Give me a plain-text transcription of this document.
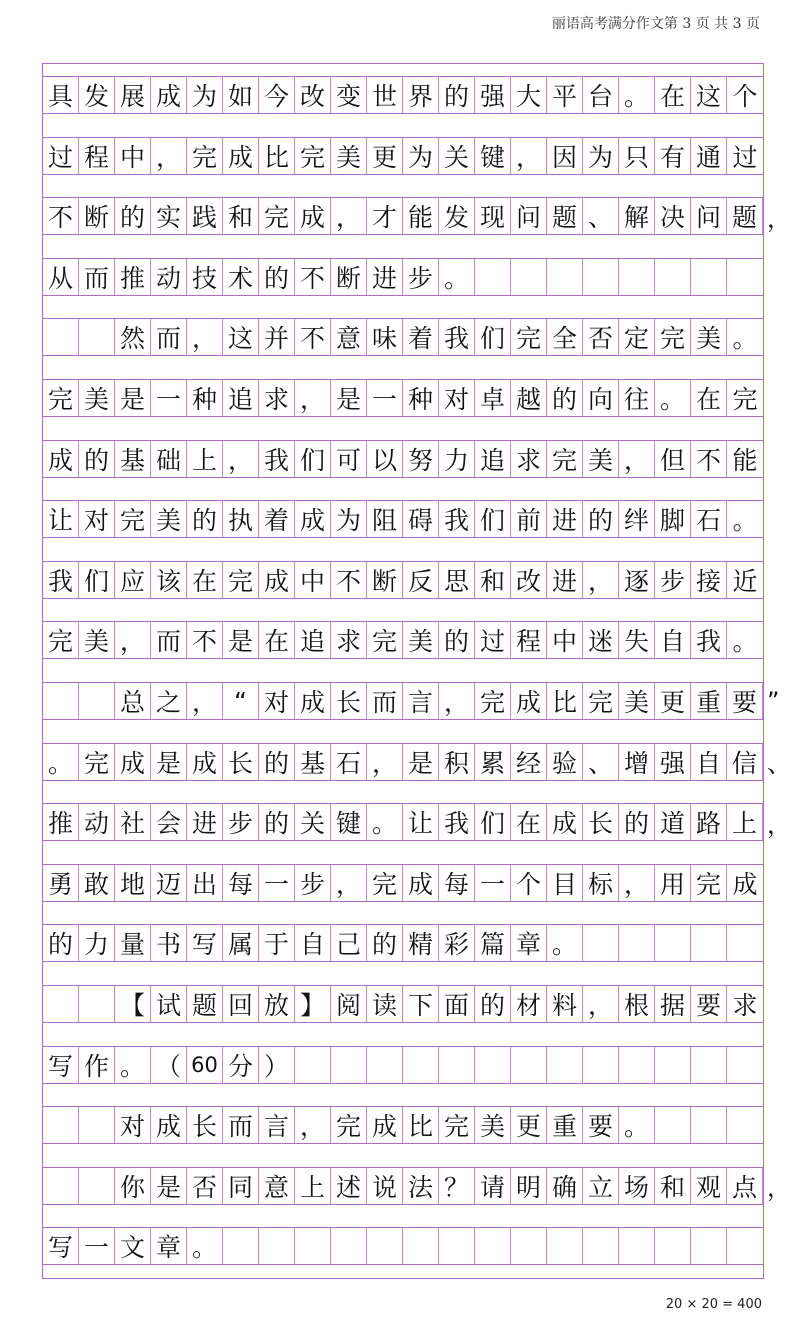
丽语高考满分作文第 3 页 共 3 页
具 发 展 成 为 如 今 改 变 世 界 的 强 大 平 台 。 在 这 个
过 程 中 ， 完 成 比 完 美 更 为 关 键 ， 因 为 只 有 通 过
不 断 的 实 践 和 完 成 ， 才 能 发 现 问 题 、 解 决 问 题 ，
从 而 推 动 技 术 的 不 断 进 步 。
然 而 ， 这 并 不 意 味 着 我 们 完 全 否 定 完 美 。
完 美 是 一 种 追 求 ， 是 一 种 对 卓 越 的 向 往 。 在 完
成 的 基 础 上 ， 我 们 可 以 努 力 追 求 完 美 ， 但 不 能
让 对 完 美 的 执 着 成 为 阻 碍 我 们 前 进 的 绊 脚 石 。
我 们 应 该 在 完 成 中 不 断 反 思 和 改 进 ， 逐 步 接 近
完 美 ， 而 不 是 在 追 求 完 美 的 过 程 中 迷 失 自 我 。
总 之 ， “ 对 成 长 而 言 ， 完 成 比 完 美 更 重 要 ”
。 完 成 是 成 长 的 基 石 ， 是 积 累 经 验 、 增 强 自 信 、
推 动 社 会 进 步 的 关 键 。 让 我 们 在 成 长 的 道 路 上 ，
勇 敢 地 迈 出 每 一 步 ， 完 成 每 一 个 目 标 ， 用 完 成
的 力 量 书 写 属 于 自 己 的 精 彩 篇 章 。
【 试 题 回 放 】 阅 读 下 面 的 材 料 ， 根 据 要 求
写 作 。 （ 60 分 ）
对 成 长 而 言 ， 完 成 比 完 美 更 重 要 。
你 是 否 同 意 上 述 说 法 ？ 请 明 确 立 场 和 观 点 ，
写 一 文 章 。
20 × 20 = 400
